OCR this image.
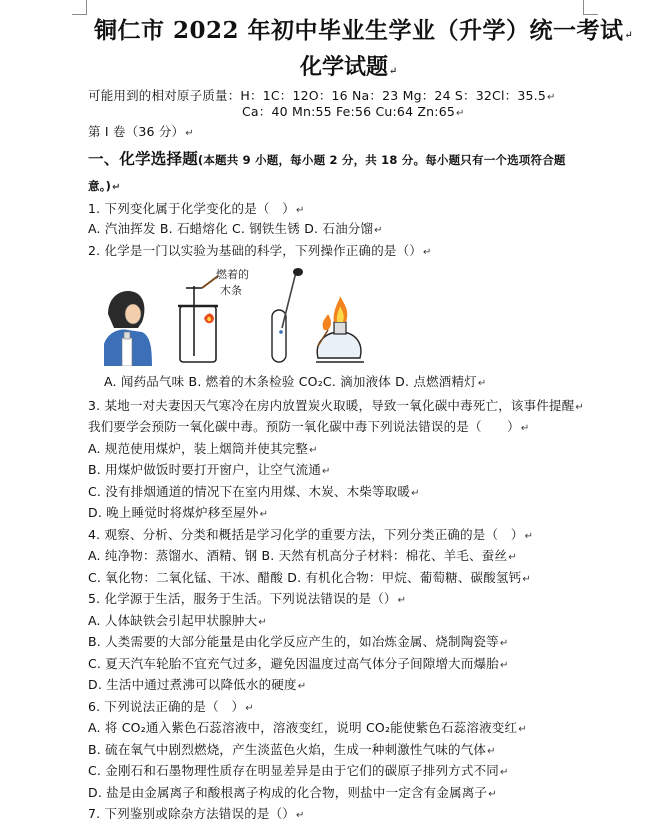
铜仁市 2022 年初中毕业生学业（升学）统一考试↵
化学试题↵
可能用到的相对原子质量：H：1C：12O：16 Na：23 Mg：24 S：32Cl：35.5↵
Ca：40 Mn:55 Fe:56 Cu:64 Zn:65↵
第 I 卷（36 分）↵
一、化学选择题(本题共 9 小题，每小题 2 分，共 18 分。每小题只有一个选项符合题
意。)↵
1. 下列变化属于化学变化的是（　）↵
A. 汽油挥发 B. 石蜡熔化 C. 钢铁生锈 D. 石油分馏↵
2. 化学是一门以实验为基础的科学，下列操作正确的是（）↵
燃着的
木条
A. 闻药品气味 B. 燃着的木条检验 CO₂C. 滴加液体 D. 点燃酒精灯↵
3. 某地一对夫妻因天气寒冷在房内放置炭火取暖，导致一氧化碳中毒死亡，该事件提醒↵
我们要学会预防一氧化碳中毒。预防一氧化碳中毒下列说法错误的是（　　）↵
A. 规范使用煤炉，装上烟筒并使其完整↵
B. 用煤炉做饭时要打开窗户，让空气流通↵
C. 没有排烟通道的情况下在室内用煤、木炭、木柴等取暖↵
D. 晚上睡觉时将煤炉移至屋外↵
4. 观察、分析、分类和概括是学习化学的重要方法，下列分类正确的是（　）↵
A. 纯净物：蒸馏水、酒精、钢 B. 天然有机高分子材料：棉花、羊毛、蚕丝↵
C. 氧化物：二氧化锰、干冰、醋酸 D. 有机化合物：甲烷、葡萄糖、碳酸氢钙↵
5. 化学源于生活，服务于生活。下列说法错误的是（）↵
A. 人体缺铁会引起甲状腺肿大↵
B. 人类需要的大部分能量是由化学反应产生的，如冶炼金属、烧制陶瓷等↵
C. 夏天汽车轮胎不宜充气过多，避免因温度过高气体分子间隙增大而爆胎↵
D. 生活中通过煮沸可以降低水的硬度↵
6. 下列说法正确的是（　）↵
A. 将 CO₂通入紫色石蕊溶液中，溶液变红，说明 CO₂能使紫色石蕊溶液变红↵
B. 硫在氧气中剧烈燃烧，产生淡蓝色火焰，生成一种刺激性气味的气体↵
C. 金刚石和石墨物理性质存在明显差异是由于它们的碳原子排列方式不同↵
D. 盐是由金属离子和酸根离子构成的化合物，则盐中一定含有金属离子↵
7. 下列鉴别或除杂方法错误的是（）↵
